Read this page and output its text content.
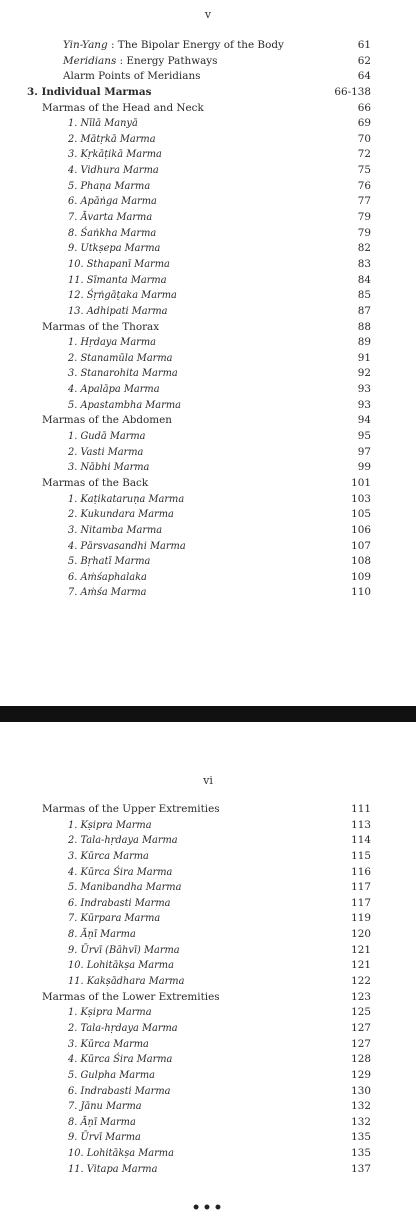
v
Yin-Yang : The Bipolar Energy of the Body	61
Meridians : Energy Pathways	62
Alarm Points of Meridians	64
3. Individual Marmas	66-138
Marmas of the Head and Neck	66
1. Nīlā Manyā	69
2. Mātṛkā Marma	70
3. Kṛkāṭikā Marma	72
4. Vidhura Marma	75
5. Phaṇa Marma	76
6. Apāṅga Marma	77
7. Āvarta Marma	79
8. Śaṅkha Marma	79
9. Utkṣepa Marma	82
10. Sthapanī Marma	83
11. Sīmanta Marma	84
12. Śṛṅgāṭaka Marma	85
13. Adhipati Marma	87
Marmas of the Thorax	88
1. Hṛdaya Marma	89
2. Stanamūla Marma	91
3. Stanarohita Marma	92
4. Apalāpa Marma	93
5. Apastambha Marma	93
Marmas of the Abdomen	94
1. Gudā Marma	95
2. Vasti Marma	97
3. Nābhi Marma	99
Marmas of the Back	101
1. Kaṭikataruṇa Marma	103
2. Kukundara Marma	105
3. Nitamba Marma	106
4. Pārsvasandhi Marma	107
5. Bṛhatī Marma	108
6. Aṁśaphalaka	109
7. Aṁśa Marma	110
vi
Marmas of the Upper Extremities	111
1. Kṣipra Marma	113
2. Tala-hṛdaya Marma	114
3. Kūrca Marma	115
4. Kūrca Śira Marma	116
5. Manibandha Marma	117
6. Indrabasti Marma	117
7. Kūrpara Marma	119
8. Āṇī Marma	120
9. Ūrvī (Bāhvī) Marma	121
10. Lohitākṣa Marma	121
11. Kakṣādhara Marma	122
Marmas of the Lower Extremities	123
1. Kṣipra Marma	125
2. Tala-hṛdaya Marma	127
3. Kūrca Marma	127
4. Kūrca Śira Marma	128
5. Gulpha Marma	129
6. Indrabasti Marma	130
7. Jānu Marma	132
8. Āṇī Marma	132
9. Ūrvī Marma	135
10. Lohitākṣa Marma	135
11. Vitapa Marma	137
•••
